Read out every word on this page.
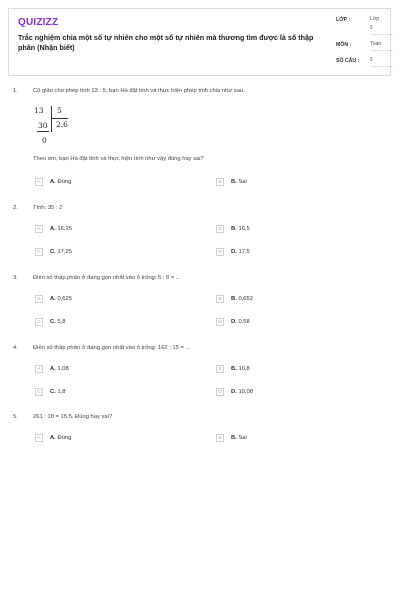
QUIZIZZ
Trắc nghiệm chia một số tự nhiên cho một số tự nhiên mà thương tìm được là số thập phân (Nhận biết)
LỚP :	Lớp
5
MÔN :	Toán
SỐ CÂU : 5
1.	Cô giáo cho phép tính 13 : 5, bạn Hà đặt tính và thực hiện phép tính chia như sau.
13 5
30 2.6
0
Theo em, bạn Hà đặt tính và thực hiện tính như vậy đúng hay sai?
A	A. Đúng	B	B. Sai
2.	Tính: 35 : 2
A	A. 16,25	B	B. 16,5
C	C. 17,25	D	D. 17,5
3.	Điền số thập phân ở dạng gọn nhất vào ô trống: 5 : 8 = ...
A	A. 0,625	B	B. 0,652
C	C. 5,8	D	D. 0,58
4.	Điền số thập phân ở dạng gọn nhất vào ô trống: 162 : 15 = ...
A	A. 1,08	B	B. 10,8
C	C. 1,8	D	D. 10,08
5.	261 : 18 = 15,5. Đúng hay sai?
A	A. Đúng	B	B. Sai
